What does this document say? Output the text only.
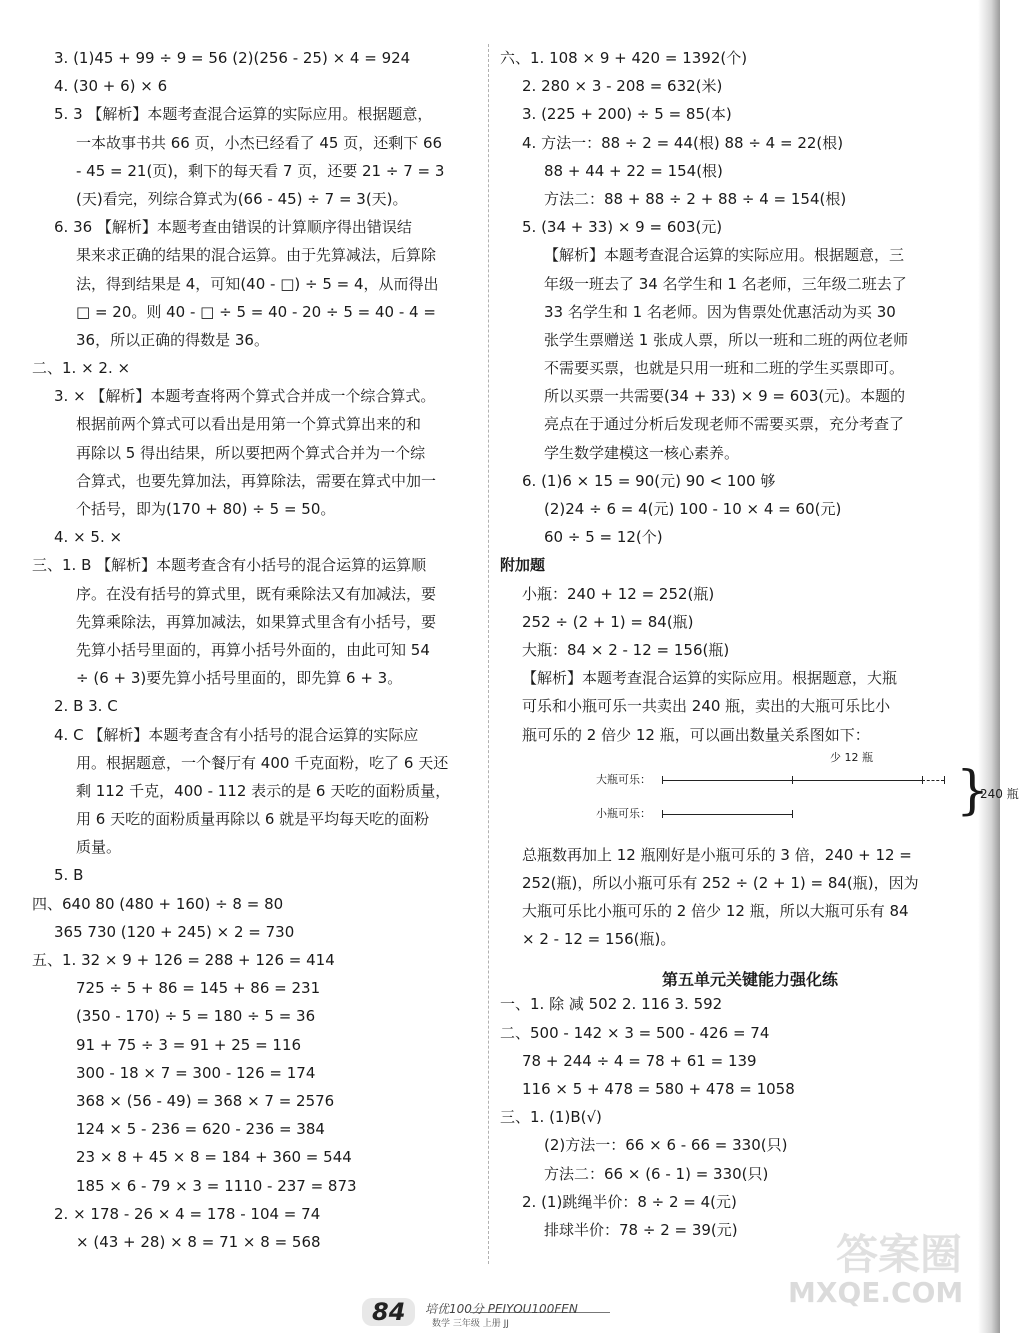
3. (1)45 + 99 ÷ 9 = 56 (2)(256 - 25) × 4 = 924
4. (30 + 6) × 6
5. 3 【解析】本题考查混合运算的实际应用。根据题意，
一本故事书共 66 页，小杰已经看了 45 页，还剩下 66
- 45 = 21(页)，剩下的每天看 7 页，还要 21 ÷ 7 = 3
(天)看完，列综合算式为(66 - 45) ÷ 7 = 3(天)。
6. 36 【解析】本题考查由错误的计算顺序得出错误结
果来求正确的结果的混合运算。由于先算减法，后算除
法，得到结果是 4，可知(40 - □) ÷ 5 = 4，从而得出
□ = 20。则 40 - □ ÷ 5 = 40 - 20 ÷ 5 = 40 - 4 =
36，所以正确的得数是 36。
二、1. × 2. ×
3. × 【解析】本题考查将两个算式合并成一个综合算式。
根据前两个算式可以看出是用第一个算式算出来的和
再除以 5 得出结果，所以要把两个算式合并为一个综
合算式，也要先算加法，再算除法，需要在算式中加一
个括号，即为(170 + 80) ÷ 5 = 50。
4. × 5. ×
三、1. B 【解析】本题考查含有小括号的混合运算的运算顺
序。在没有括号的算式里，既有乘除法又有加减法，要
先算乘除法，再算加减法，如果算式里含有小括号，要
先算小括号里面的，再算小括号外面的，由此可知 54
÷ (6 + 3)要先算小括号里面的，即先算 6 + 3。
2. B 3. C
4. C 【解析】本题考查含有小括号的混合运算的实际应
用。根据题意，一个餐厅有 400 千克面粉，吃了 6 天还
剩 112 千克，400 - 112 表示的是 6 天吃的面粉质量，
用 6 天吃的面粉质量再除以 6 就是平均每天吃的面粉
质量。
5. B
四、640 80 (480 + 160) ÷ 8 = 80
365 730 (120 + 245) × 2 = 730
五、1. 32 × 9 + 126 = 288 + 126 = 414
725 ÷ 5 + 86 = 145 + 86 = 231
(350 - 170) ÷ 5 = 180 ÷ 5 = 36
91 + 75 ÷ 3 = 91 + 25 = 116
300 - 18 × 7 = 300 - 126 = 174
368 × (56 - 49) = 368 × 7 = 2576
124 × 5 - 236 = 620 - 236 = 384
23 × 8 + 45 × 8 = 184 + 360 = 544
185 × 6 - 79 × 3 = 1110 - 237 = 873
2. × 178 - 26 × 4 = 178 - 104 = 74
× (43 + 28) × 8 = 71 × 8 = 568
六、1. 108 × 9 + 420 = 1392(个)
2. 280 × 3 - 208 = 632(米)
3. (225 + 200) ÷ 5 = 85(本)
4. 方法一：88 ÷ 2 = 44(根) 88 ÷ 4 = 22(根)
88 + 44 + 22 = 154(根)
方法二：88 + 88 ÷ 2 + 88 ÷ 4 = 154(根)
5. (34 + 33) × 9 = 603(元)
【解析】本题考查混合运算的实际应用。根据题意，三
年级一班去了 34 名学生和 1 名老师，三年级二班去了
33 名学生和 1 名老师。因为售票处优惠活动为买 30
张学生票赠送 1 张成人票，所以一班和二班的两位老师
不需要买票，也就是只用一班和二班的学生买票即可。
所以买票一共需要(34 + 33) × 9 = 603(元)。本题的
亮点在于通过分析后发现老师不需要买票，充分考查了
学生数学建模这一核心素养。
6. (1)6 × 15 = 90(元) 90 < 100 够
(2)24 ÷ 6 = 4(元) 100 - 10 × 4 = 60(元)
60 ÷ 5 = 12(个)
附加题
小瓶：240 + 12 = 252(瓶)
252 ÷ (2 + 1) = 84(瓶)
大瓶：84 × 2 - 12 = 156(瓶)
【解析】本题考查混合运算的实际应用。根据题意，大瓶
可乐和小瓶可乐一共卖出 240 瓶，卖出的大瓶可乐比小
瓶可乐的 2 倍少 12 瓶，可以画出数量关系图如下：
少 12 瓶
大瓶可乐：
小瓶可乐：	}
240 瓶
总瓶数再加上 12 瓶刚好是小瓶可乐的 3 倍，240 + 12 =
252(瓶)，所以小瓶可乐有 252 ÷ (2 + 1) = 84(瓶)，因为
大瓶可乐比小瓶可乐的 2 倍少 12 瓶，所以大瓶可乐有 84
× 2 - 12 = 156(瓶)。
第五单元关键能力强化练
一、1. 除 减 502 2. 116 3. 592
二、500 - 142 × 3 = 500 - 426 = 74
78 + 244 ÷ 4 = 78 + 61 = 139
116 × 5 + 478 = 580 + 478 = 1058
三、1. (1)B(√)
(2)方法一：66 × 6 - 66 = 330(只)
方法二：66 × (6 - 1) = 330(只)
2. (1)跳绳半价：8 ÷ 2 = 4(元)
排球半价：78 ÷ 2 = 39(元)
答案圈
MXQE.COM
84	培优100分 PEIYOU100FEN
数学 三年级 上册 JJ
